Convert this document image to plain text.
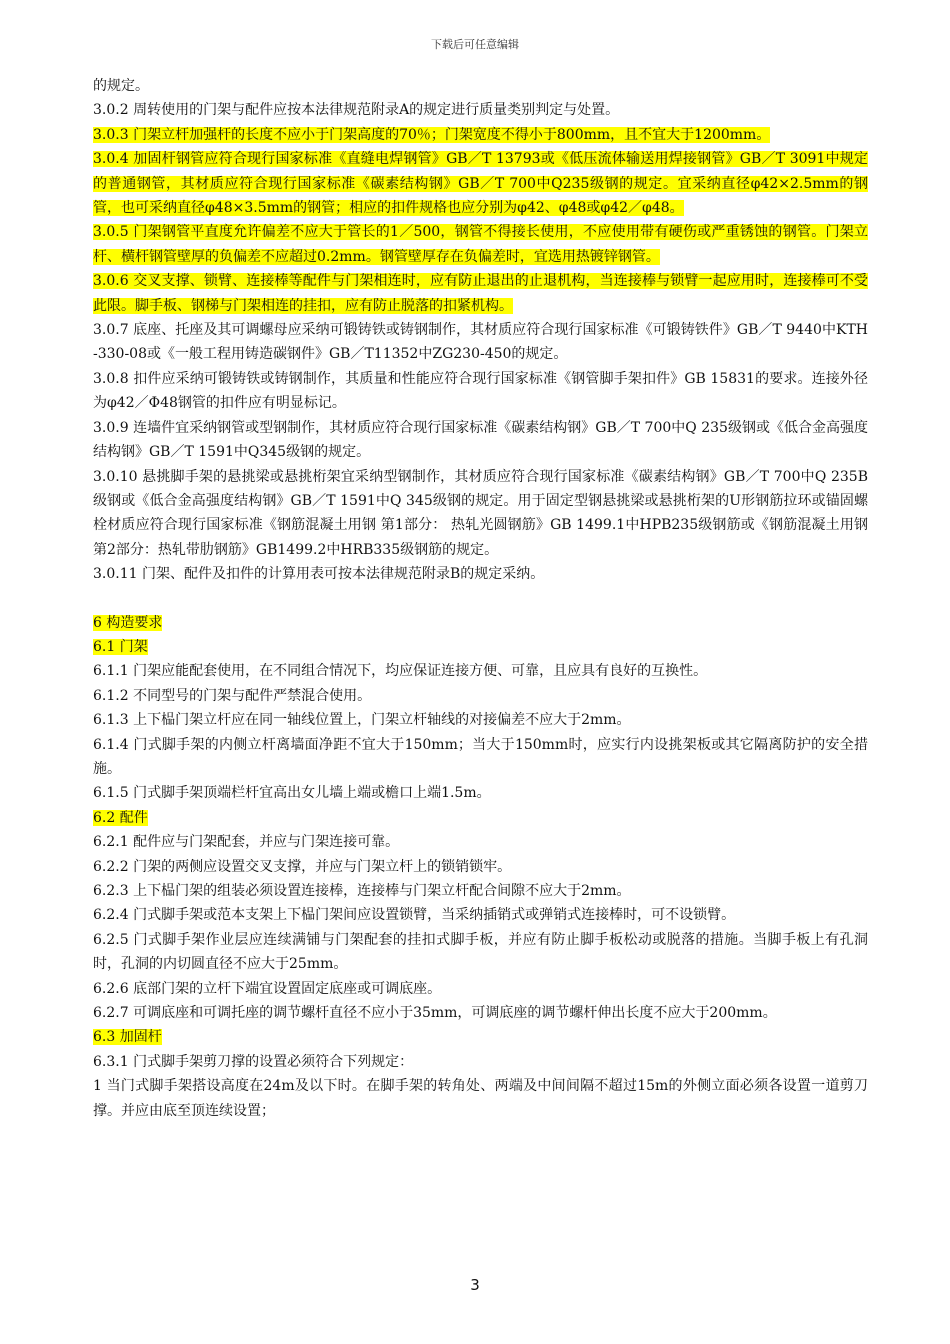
下载后可任意编辑

的规定。

3.0.2 周转使用的门架与配件应按本法律规范附录A的规定进行质量类别判定与处置。

3.0.3 门架立杆加强杆的长度不应小于门架高度的70％；门架宽度不得小于800mm，且不宜大于1200mm。

3.0.4 加固杆钢管应符合现行国家标准《直缝电焊钢管》GB／T 13793或《低压流体输送用焊接钢管》GB／T 3091中规定的普通钢管，其材质应符合现行国家标准《碳素结构钢》GB／T 700中Q235级钢的规定。宜采纳直径φ42×2.5mm的钢管，也可采纳直径φ48×3.5mm的钢管；相应的扣件规格也应分别为φ42、φ48或φ42／φ48。

3.0.5 门架钢管平直度允许偏差不应大于管长的1／500，钢管不得接长使用，不应使用带有硬伤或严重锈蚀的钢管。门架立杆、横杆钢管壁厚的负偏差不应超过0.2mm。钢管壁厚存在负偏差时，宜选用热镀锌钢管。

3.0.6 交叉支撑、锁臂、连接棒等配件与门架相连时，应有防止退出的止退机构，当连接棒与锁臂一起应用时，连接棒可不受此限。脚手板、钢梯与门架相连的挂扣，应有防止脱落的扣紧机构。

3.0.7 底座、托座及其可调螺母应采纳可锻铸铁或铸钢制作，其材质应符合现行国家标准《可锻铸铁件》GB／T 9440中KTH-330-08或《一般工程用铸造碳钢件》GB／T11352中ZG230-450的规定。

3.0.8 扣件应采纳可锻铸铁或铸钢制作，其质量和性能应符合现行国家标准《钢管脚手架扣件》GB 15831的要求。连接外径为φ42／Φ48钢管的扣件应有明显标记。

3.0.9 连墙件宜采纳钢管或型钢制作，其材质应符合现行国家标准《碳素结构钢》GB／T 700中Q 235级钢或《低合金高强度结构钢》GB／T 1591中Q345级钢的规定。

3.0.10 悬挑脚手架的悬挑梁或悬挑桁架宜采纳型钢制作，其材质应符合现行国家标准《碳素结构钢》GB／T 700中Q 235B级钢或《低合金高强度结构钢》GB／T 1591中Q 345级钢的规定。用于固定型钢悬挑梁或悬挑桁架的U形钢筋拉环或锚固螺栓材质应符合现行国家标准《钢筋混凝土用钢 第1部分： 热轧光圆钢筋》GB 1499.1中HPB235级钢筋或《钢筋混凝土用钢第2部分：热轧带肋钢筋》GB1499.2中HRB335级钢筋的规定。

3.0.11 门架、配件及扣件的计算用表可按本法律规范附录B的规定采纳。

6 构造要求

6.1 门架

6.1.1 门架应能配套使用，在不同组合情况下，均应保证连接方便、可靠，且应具有良好的互换性。

6.1.2 不同型号的门架与配件严禁混合使用。

6.1.3 上下榀门架立杆应在同一轴线位置上，门架立杆轴线的对接偏差不应大于2mm。

6.1.4 门式脚手架的内侧立杆离墙面净距不宜大于150mm；当大于150mm时，应实行内设挑架板或其它隔离防护的安全措施。

6.1.5 门式脚手架顶端栏杆宜高出女儿墙上端或檐口上端1.5m。

6.2 配件

6.2.1 配件应与门架配套，并应与门架连接可靠。

6.2.2 门架的两侧应设置交叉支撑，并应与门架立杆上的锁销锁牢。

6.2.3 上下榀门架的组装必须设置连接棒，连接棒与门架立杆配合间隙不应大于2mm。

6.2.4 门式脚手架或范本支架上下榀门架间应设置锁臂，当采纳插销式或弹销式连接棒时，可不设锁臂。

6.2.5 门式脚手架作业层应连续满铺与门架配套的挂扣式脚手板，并应有防止脚手板松动或脱落的措施。当脚手板上有孔洞时，孔洞的内切圆直径不应大于25mm。

6.2.6 底部门架的立杆下端宜设置固定底座或可调底座。

6.2.7 可调底座和可调托座的调节螺杆直径不应小于35mm，可调底座的调节螺杆伸出长度不应大于200mm。

6.3 加固杆

6.3.1 门式脚手架剪刀撑的设置必须符合下列规定：

1 当门式脚手架搭设高度在24m及以下时。在脚手架的转角处、两端及中间间隔不超过15m的外侧立面必须各设置一道剪刀撑。并应由底至顶连续设置；

3
